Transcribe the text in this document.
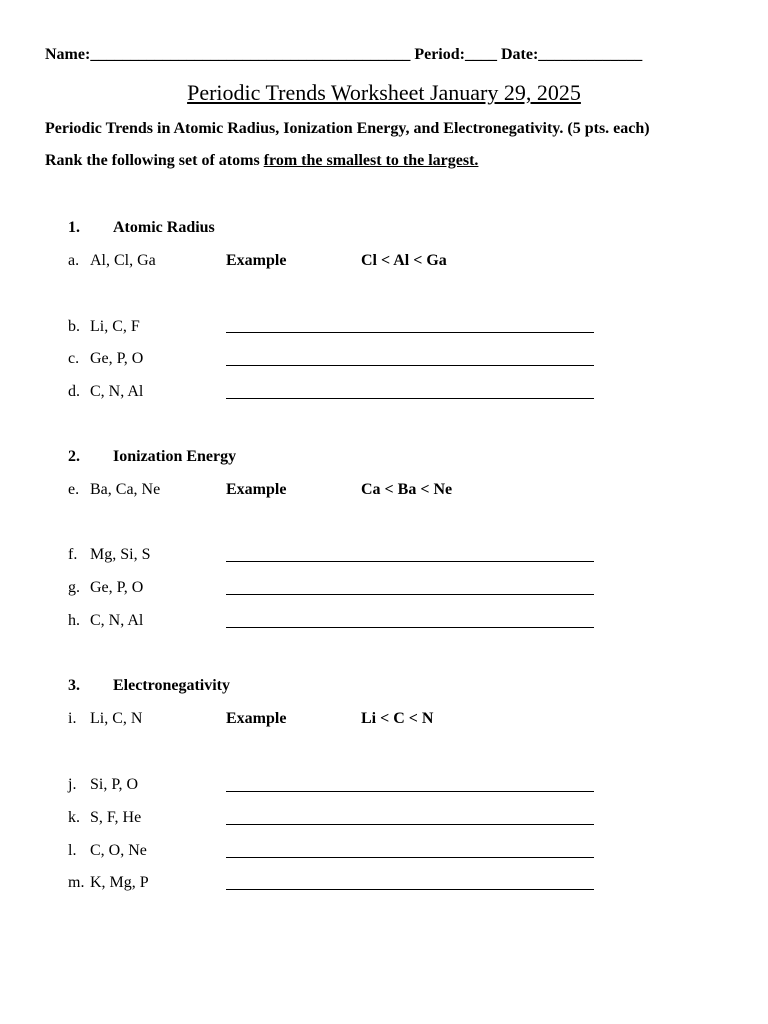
Name:________________________________________ Period:____ Date:_____________
Periodic Trends Worksheet January 29, 2025
Periodic Trends in Atomic Radius, Ionization Energy, and Electronegativity. (5 pts. each)
Rank the following set of atoms from the smallest to the largest.
1. Atomic Radius
a. Al, Cl, Ga	Example	Cl < Al < Ga
b. Li, C, F
c. Ge, P, O
d. C, N, Al
2. Ionization Energy
e. Ba, Ca, Ne	Example	Ca < Ba < Ne
f. Mg, Si, S
g. Ge, P, O
h. C, N, Al
3. Electronegativity
i. Li, C, N	Example	Li < C < N
j. Si, P, O
k. S, F, He
l. C, O, Ne
m. K, Mg, P
